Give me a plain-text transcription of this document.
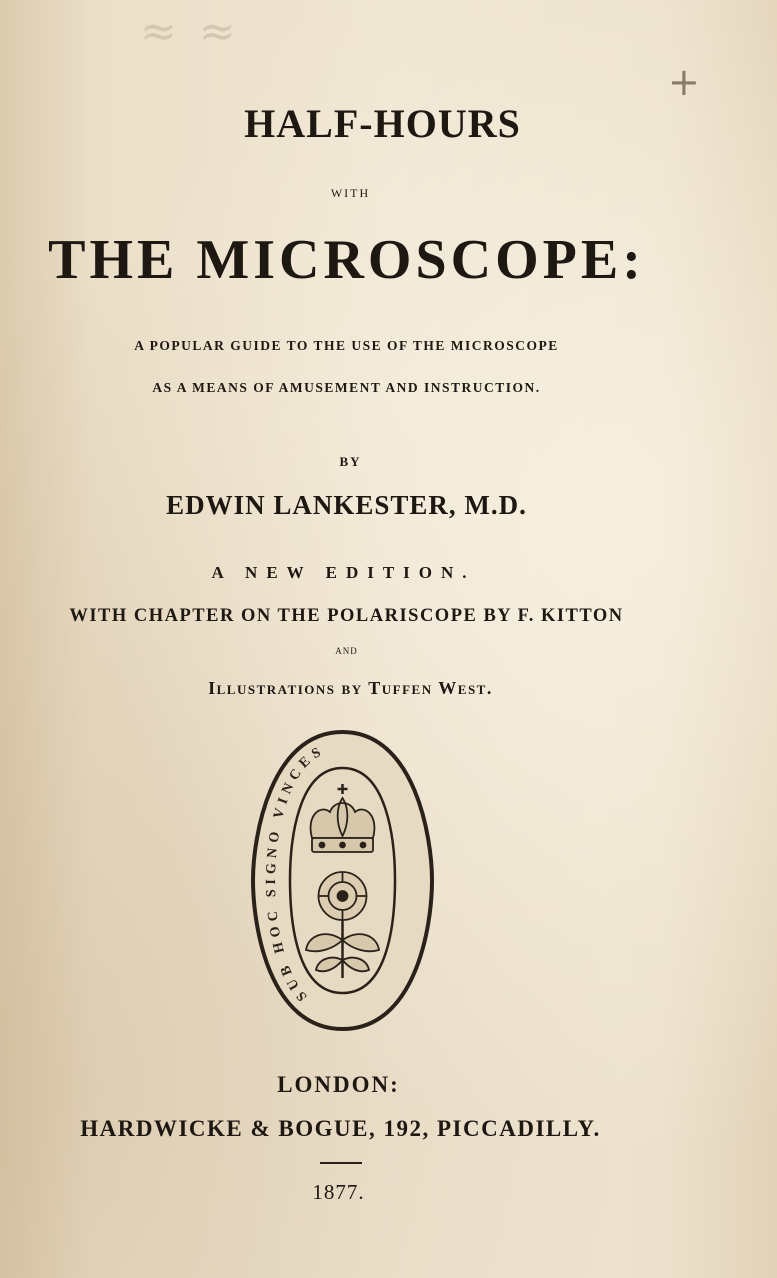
≈ ≈
+

HALF-HOURS

WITH

THE MICROSCOPE:

A POPULAR GUIDE TO THE USE OF THE MICROSCOPE

AS A MEANS OF AMUSEMENT AND INSTRUCTION.

BY

EDWIN LANKESTER, M.D.

A NEW EDITION.

WITH CHAPTER ON THE POLARISCOPE BY F. KITTON

AND

Illustrations by Tuffen West.

SUB HOC SIGNO VINCES

LONDON:

HARDWICKE & BOGUE, 192, PICCADILLY.

1877.
